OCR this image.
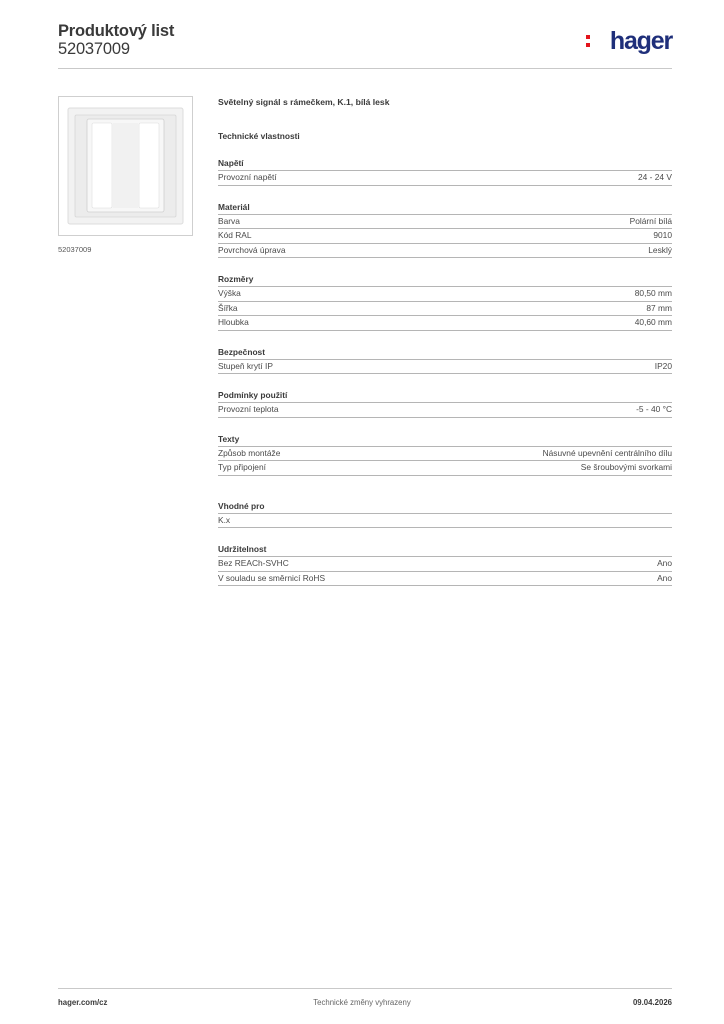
Produktový list
52037009	hager
52037009
Světelný signál s rámečkem, K.1, bílá lesk
Technické vlastnosti
Napětí
Provozní napětí	24 - 24 V
Materiál
Barva	Polární bílá
Kód RAL	9010
Povrchová úprava	Lesklý
Rozměry
Výška	80,50 mm
Šířka	87 mm
Hloubka	40,60 mm
Bezpečnost
Stupeň krytí IP	IP20
Podmínky použití
Provozní teplota	-5 - 40 °C
Texty
Způsob montáže	Násuvné upevnění centrálního dílu
Typ připojení	Se šroubovými svorkami
Vhodné pro
K.x
Udržitelnost
Bez REACh-SVHC	Ano
V souladu se směrnicí RoHS	Ano
hager.com/cz	Technické změny vyhrazeny	09.04.2026
